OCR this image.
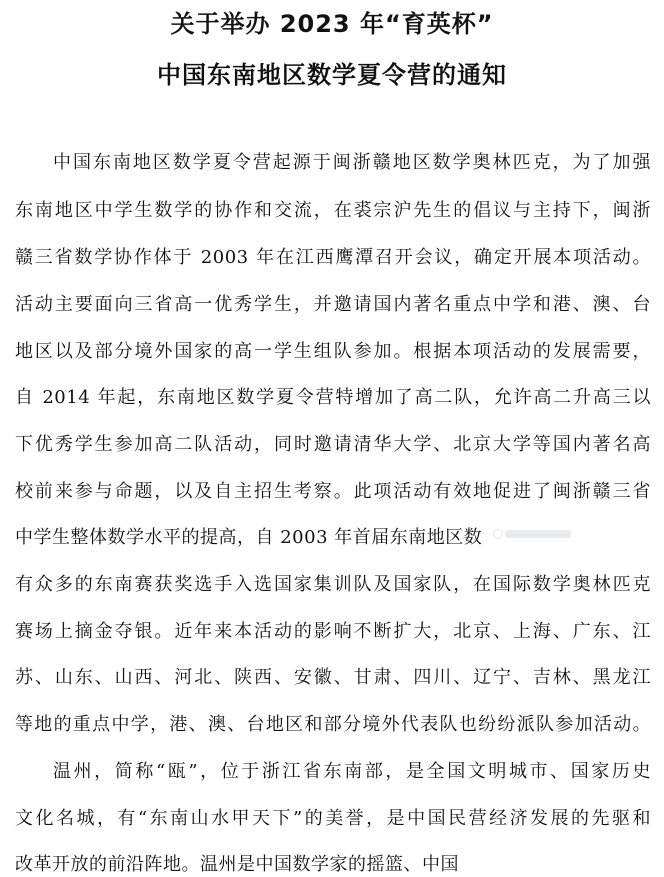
关于举办 2023 年“育英杯”
中国东南地区数学夏令营的通知
中国东南地区数学夏令营起源于闽浙赣地区数学奥林匹克，为了加强
东南地区中学生数学的协作和交流，在裘宗沪先生的倡议与主持下，闽浙
赣三省数学协作体于 2003 年在江西鹰潭召开会议，确定开展本项活动。
活动主要面向三省高一优秀学生，并邀请国内著名重点中学和港、澳、台
地区以及部分境外国家的高一学生组队参加。根据本项活动的发展需要，
自 2014 年起，东南地区数学夏令营特增加了高二队，允许高二升高三以
下优秀学生参加高二队活动，同时邀请清华大学、北京大学等国内著名高
校前来参与命题，以及自主招生考察。此项活动有效地促进了闽浙赣三省
中学生整体数学水平的提高，自 2003 年首届东南地区数
有众多的东南赛获奖选手入选国家集训队及国家队，在国际数学奥林匹克
赛场上摘金夺银。近年来本活动的影响不断扩大，北京、上海、广东、江
苏、山东、山西、河北、陕西、安徽、甘肃、四川、辽宁、吉林、黑龙江
等地的重点中学，港、澳、台地区和部分境外代表队也纷纷派队参加活动。
温州，简称“瓯”，位于浙江省东南部，是全国文明城市、国家历史
文化名城，有“东南山水甲天下”的美誉，是中国民营经济发展的先驱和
改革开放的前沿阵地。温州是中国数学家的摇篮、中国
